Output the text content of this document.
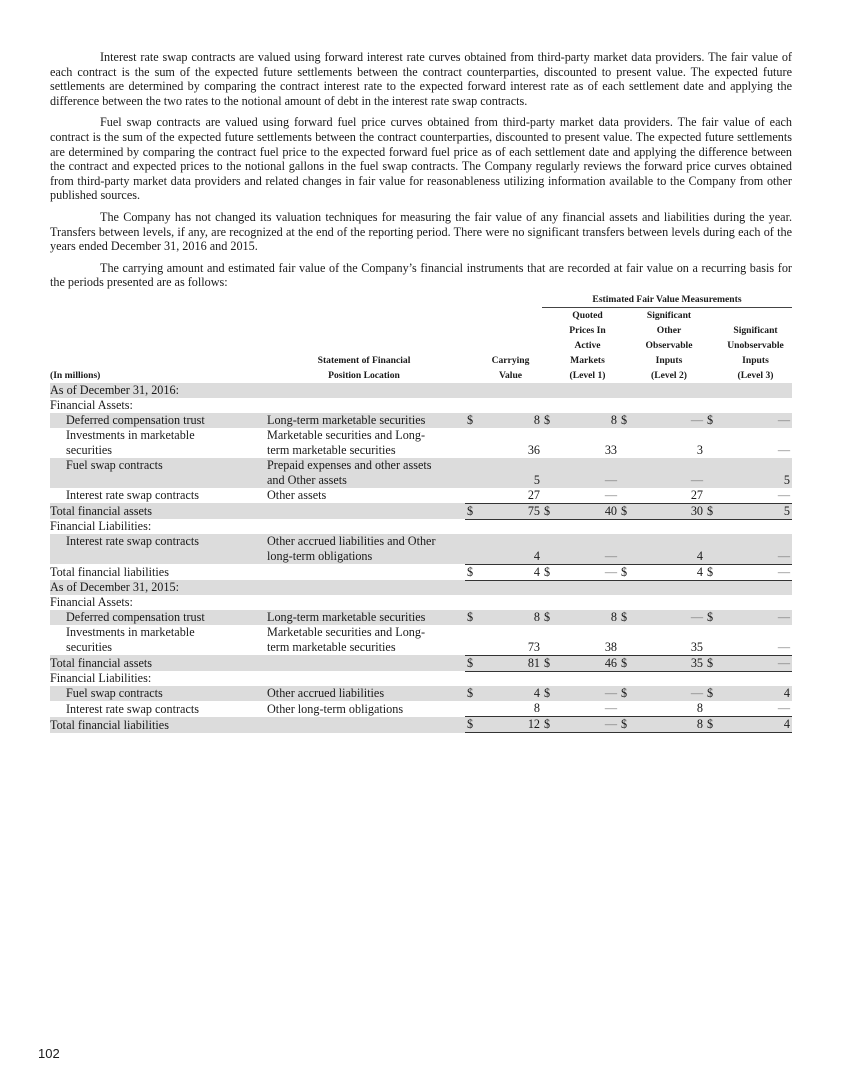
Interest rate swap contracts are valued using forward interest rate curves obtained from third-party market data providers. The fair value of each contract is the sum of the expected future settlements between the contract counterparties, discounted to present value. The expected future settlements are determined by comparing the contract interest rate to the expected forward interest rate as of each settlement date and applying the difference between the two rates to the notional amount of debt in the interest rate swap contracts.

Fuel swap contracts are valued using forward fuel price curves obtained from third-party market data providers. The fair value of each contract is the sum of the expected future settlements between the contract counterparties, discounted to present value. The expected future settlements are determined by comparing the contract fuel price to the expected forward fuel price as of each settlement date and applying the difference between the contract and expected prices to the notional gallons in the fuel swap contracts. The Company regularly reviews the forward price curves obtained from third-party market data providers and related changes in fair value for reasonableness utilizing information available to the Company from other published sources.

The Company has not changed its valuation techniques for measuring the fair value of any financial assets and liabilities during the year. Transfers between levels, if any, are recognized at the end of the reporting period. There were no significant transfers between levels during each of the years ended December 31, 2016 and 2015.

The carrying amount and estimated fair value of the Company’s financial instruments that are recorded at fair value on a recurring basis for the periods presented are as follows:

				Estimated Fair Value Measurements					
					Quoted		Significant		
					Prices In		Other		Significant
					Active		Observable		Unobservable
	Statement of Financial		Carrying		Markets		Inputs		Inputs
(In millions)	Position Location		Value		(Level 1)		(Level 2)		(Level 3)
As of December 31, 2016:									
Financial Assets:									
Deferred compensation trust	Long-term marketable securities	$	8	$	8	$	—	$	—
Investments in marketable
securities	Marketable securities and Long-
term marketable securities		36		33		3		—
Fuel swap contracts	Prepaid expenses and other assets
and Other assets		5		—		—		5
Interest rate swap contracts	Other assets		27		—		27		—
Total financial assets		$	75	$	40	$	30	$	5
Financial Liabilities:									
Interest rate swap contracts	Other accrued liabilities and Other
long-term obligations		4		—		4		—
Total financial liabilities		$	4	$	—	$	4	$	—
As of December 31, 2015:									
Financial Assets:									
Deferred compensation trust	Long-term marketable securities	$	8	$	8	$	—	$	—
Investments in marketable
securities	Marketable securities and Long-
term marketable securities		73		38		35		—
Total financial assets		$	81	$	46	$	35	$	—
Financial Liabilities:									
Fuel swap contracts	Other accrued liabilities	$	4	$	—	$	—	$	4
Interest rate swap contracts	Other long-term obligations		8		—		8		—
Total financial liabilities		$	12	$	—	$	8	$	4
102
